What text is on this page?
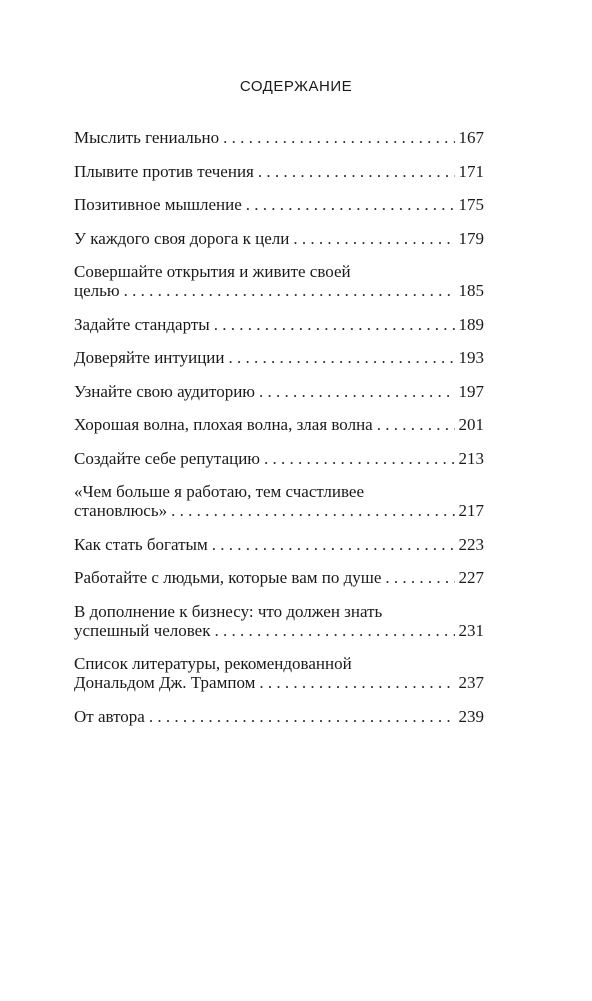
СОДЕРЖАНИЕ
Мыслить гениально . . .	167
Плывите против течения . . .	171
Позитивное мышление . . .	175
У каждого своя дорога к цели . . .	179
Совершайте открытия и живите своей
целью . . .	185
Задайте стандарты . . .	189
Доверяйте интуиции . . .	193
Узнайте свою аудиторию . . .	197
Хорошая волна, плохая волна, злая волна . . .	201
Создайте себе репутацию . . .	213
«Чем больше я работаю, тем счастливее
становлюсь» . . .	217
Как стать богатым . . .	223
Работайте с людьми, которые вам по душе . . .	227
В дополнение к бизнесу: что должен знать
успешный человек . . .	231
Список литературы, рекомендованной
Дональдом Дж. Трампом . . .	237
От автора . . .	239
